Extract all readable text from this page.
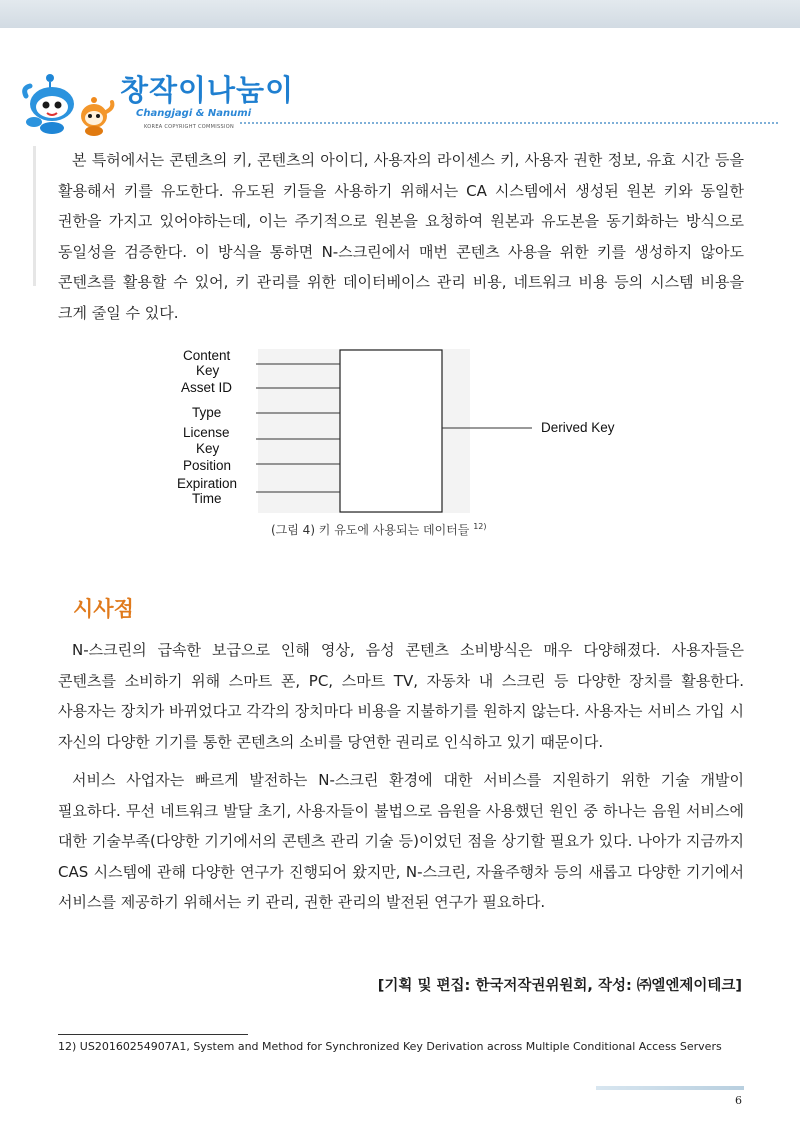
창작이나눔이
Changjagi & Nanumi
KOREA COPYRIGHT COMMISSION

본 특허에서는 콘텐츠의 키, 콘텐츠의 아이디, 사용자의 라이센스 키, 사용자 권한 정보, 유효 시간 등을 활용해서 키를 유도한다. 유도된 키들을 사용하기 위해서는 CA 시스템에서 생성된 원본 키와 동일한 권한을 가지고 있어야하는데, 이는 주기적으로 원본을 요청하여 원본과 유도본을 동기화하는 방식으로 동일성을 검증한다. 이 방식을 통하면 N-스크린에서 매번 콘텐츠 사용을 위한 키를 생성하지 않아도 콘텐츠를 활용할 수 있어, 키 관리를 위한 데이터베이스 관리 비용, 네트워크 비용 등의 시스템 비용을 크게 줄일 수 있다.

Content
Key
Asset ID
Type
License
Key
Position
Expiration
Time
Derived Key
(그림 4) 키 유도에 사용되는 데이터들 $^{12)}$
시사점

N-스크린의 급속한 보급으로 인해 영상, 음성 콘텐츠 소비방식은 매우 다양해졌다. 사용자들은 콘텐츠를 소비하기 위해 스마트 폰, PC, 스마트 TV, 자동차 내 스크린 등 다양한 장치를 활용한다. 사용자는 장치가 바뀌었다고 각각의 장치마다 비용을 지불하기를 원하지 않는다. 사용자는 서비스 가입 시 자신의 다양한 기기를 통한 콘텐츠의 소비를 당연한 권리로 인식하고 있기 때문이다.

서비스 사업자는 빠르게 발전하는 N-스크린 환경에 대한 서비스를 지원하기 위한 기술 개발이 필요하다. 무선 네트워크 발달 초기, 사용자들이 불법으로 음원을 사용했던 원인 중 하나는 음원 서비스에 대한 기술부족(다양한 기기에서의 콘텐츠 관리 기술 등)이었던 점을 상기할 필요가 있다. 나아가 지금까지 CAS 시스템에 관해 다양한 연구가 진행되어 왔지만, N-스크린, 자율주행차 등의 새롭고 다양한 기기에서 서비스를 제공하기 위해서는 키 관리, 권한 관리의 발전된 연구가 필요하다.

[기획 및 편집: 한국저작권위원회, 작성: ㈜엘엔제이테크]
12) US20160254907A1, System and Method for Synchronized Key Derivation across Multiple Conditional Access Servers
6
